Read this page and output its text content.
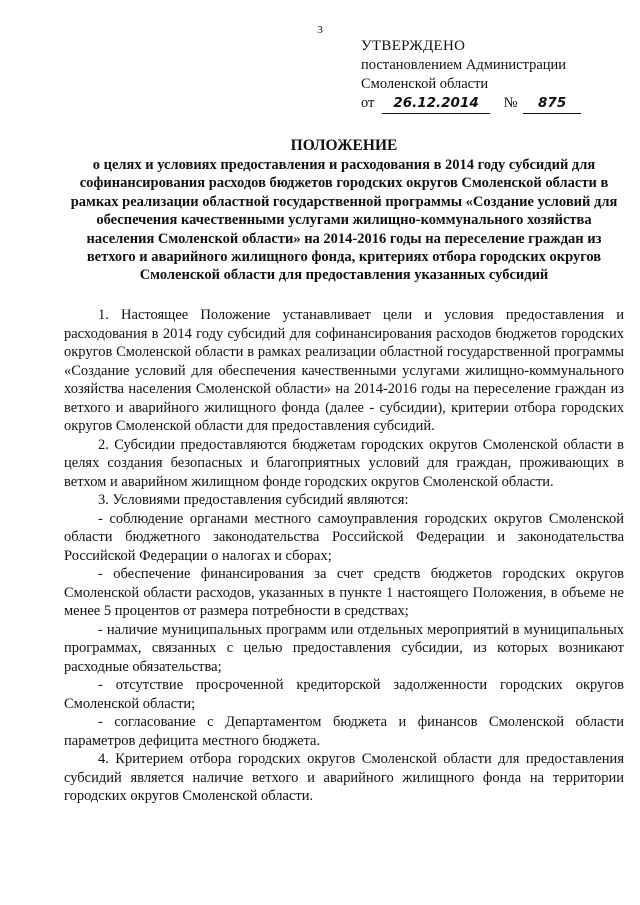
3
УТВЕРЖДЕНО
постановлением Администрации
Смоленской области
от 26.12.2014 № 875
ПОЛОЖЕНИЕ

о целях и условиях предоставления и расходования в 2014 году субсидий для софинансирования расходов бюджетов городских округов Смоленской области в рамках реализации областной государственной программы «Создание условий для обеспечения качественными услугами жилищно-коммунального хозяйства населения Смоленской области» на 2014-2016 годы на переселение граждан из ветхого и аварийного жилищного фонда, критериях отбора городских округов Смоленской области для предоставления указанных субсидий

1. Настоящее Положение устанавливает цели и условия предоставления и расходования в 2014 году субсидий для софинансирования расходов бюджетов городских округов Смоленской области в рамках реализации областной государственной программы «Создание условий для обеспечения качественными услугами жилищно-коммунального хозяйства населения Смоленской области» на 2014-2016 годы на переселение граждан из ветхого и аварийного жилищного фонда (далее - субсидии), критерии отбора городских округов Смоленской области для предоставления субсидий.

2. Субсидии предоставляются бюджетам городских округов Смоленской области в целях создания безопасных и благоприятных условий для граждан, проживающих в ветхом и аварийном жилищном фонде городских округов Смоленской области.

3. Условиями предоставления субсидий являются:

- соблюдение органами местного самоуправления городских округов Смоленской области бюджетного законодательства Российской Федерации и законодательства Российской Федерации о налогах и сборах;

- обеспечение финансирования за счет средств бюджетов городских округов Смоленской области расходов, указанных в пункте 1 настоящего Положения, в объеме не менее 5 процентов от размера потребности в средствах;

- наличие муниципальных программ или отдельных мероприятий в муниципальных программах, связанных с целью предоставления субсидии, из которых возникают расходные обязательства;

- отсутствие просроченной кредиторской задолженности городских округов Смоленской области;

- согласование с Департаментом бюджета и финансов Смоленской области параметров дефицита местного бюджета.

4. Критерием отбора городских округов Смоленской области для предоставления субсидий является наличие ветхого и аварийного жилищного фонда на территории городских округов Смоленской области.
